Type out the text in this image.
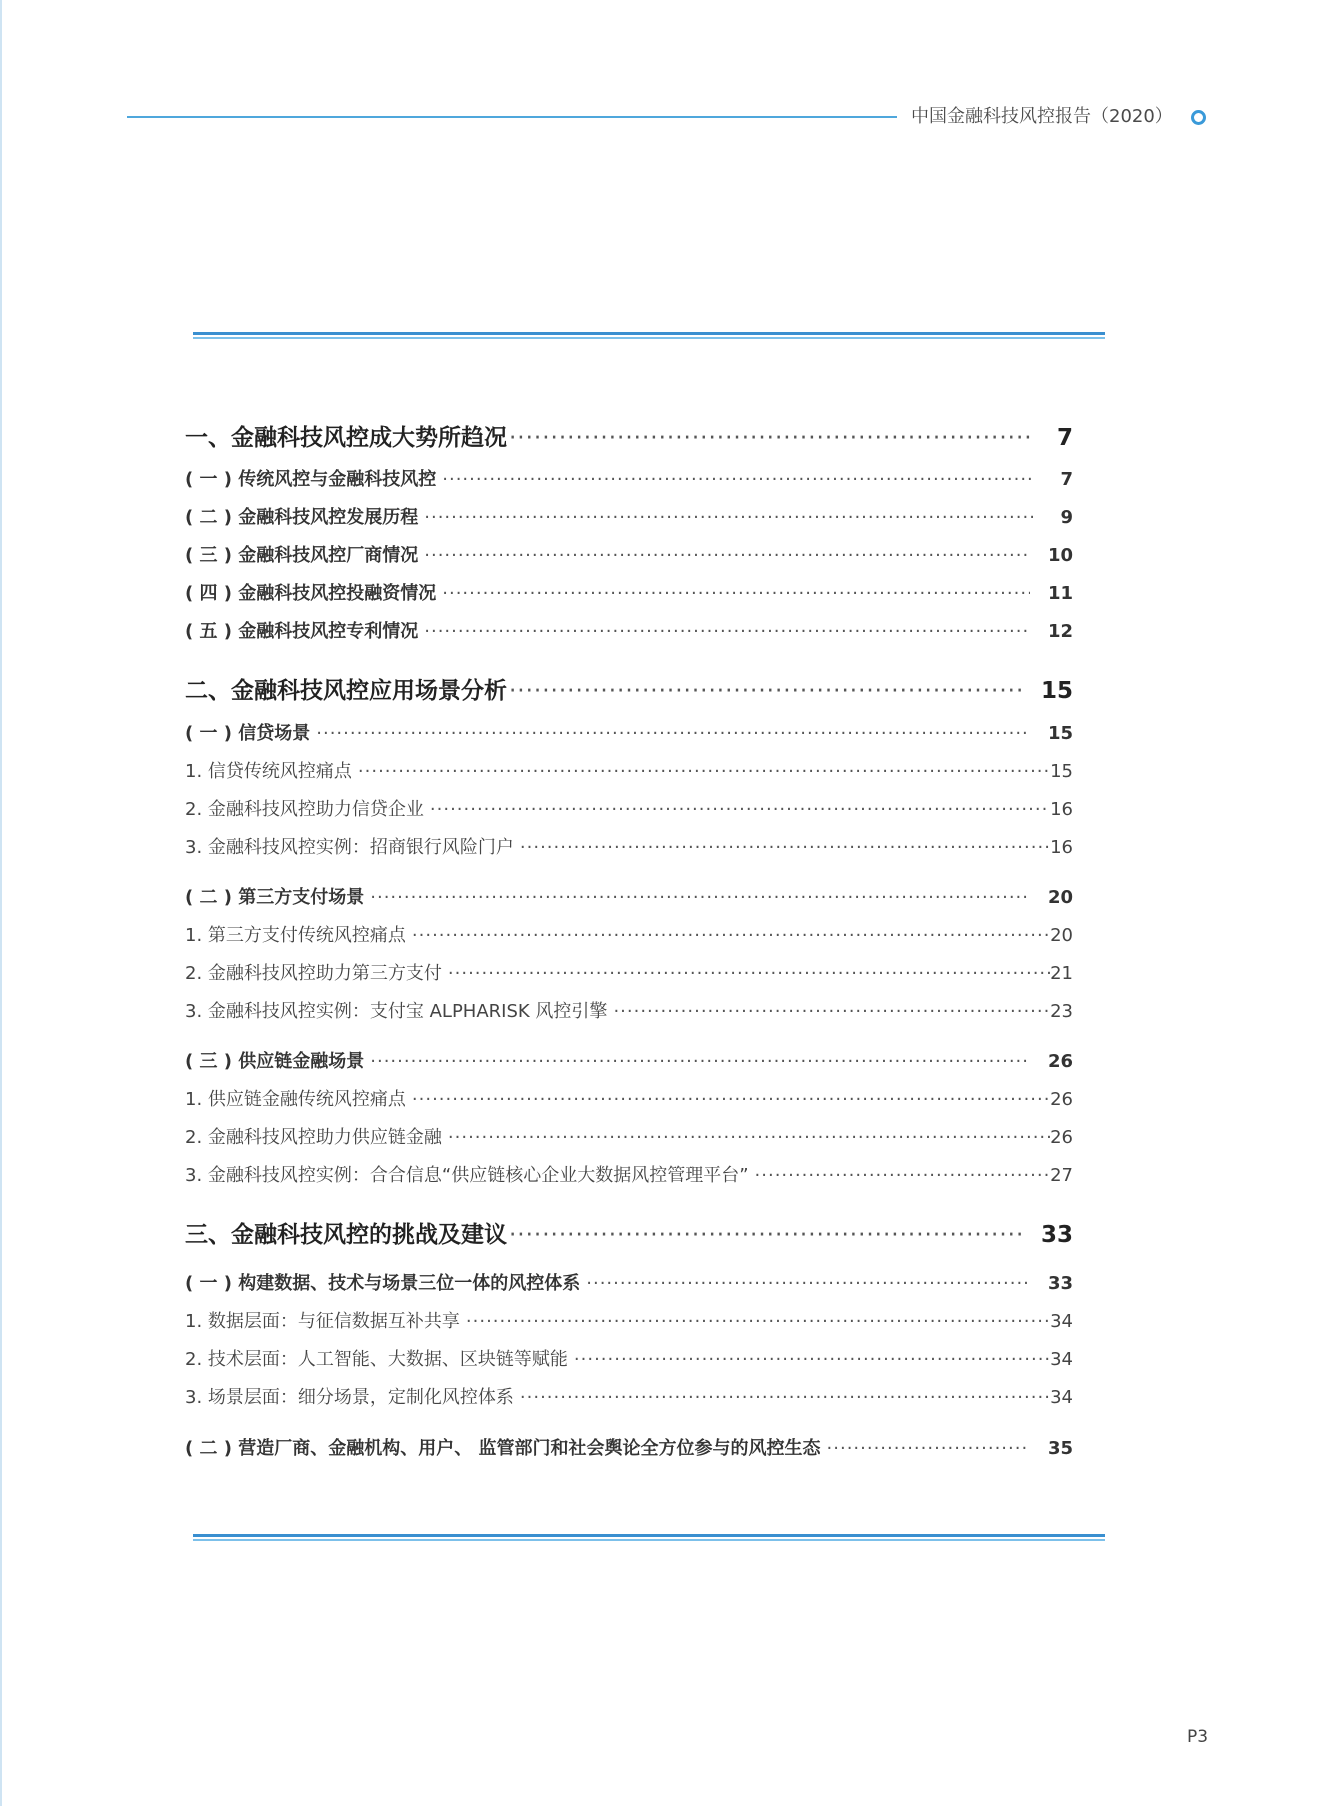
中国金融科技风控报告（2020）
一、金融科技风控成大势所趋况 ·····	7
( 一 ) 传统风控与金融科技风控 ·····	7
( 二 ) 金融科技风控发展历程 ·····	9
( 三 ) 金融科技风控厂商情况 ·····	10
( 四 ) 金融科技风控投融资情况 ·····	11
( 五 ) 金融科技风控专利情况 ·····	12
二、金融科技风控应用场景分析 ·····	15
( 一 ) 信贷场景 ·····	15
1. 信贷传统风控痛点 ·····	15
2. 金融科技风控助力信贷企业 ·····	16
3. 金融科技风控实例：招商银行风险门户 ·····	16
( 二 ) 第三方支付场景 ·····	20
1. 第三方支付传统风控痛点 ·····	20
2. 金融科技风控助力第三方支付 ·····	21
3. 金融科技风控实例：支付宝 ALPHARISK 风控引擎 ·····	23
( 三 ) 供应链金融场景 ·····	26
1. 供应链金融传统风控痛点 ·····	26
2. 金融科技风控助力供应链金融 ·····	26
3. 金融科技风控实例：合合信息“供应链核心企业大数据风控管理平台” ·····	27
三、金融科技风控的挑战及建议 ·····	33
( 一 ) 构建数据、技术与场景三位一体的风控体系 ·····	33
1. 数据层面：与征信数据互补共享 ·····	34
2. 技术层面：人工智能、大数据、区块链等赋能 ·····	34
3. 场景层面：细分场景，定制化风控体系 ·····	34
( 二 ) 营造厂商、金融机构、用户、 监管部门和社会舆论全方位参与的风控生态 ·····	35
P3
